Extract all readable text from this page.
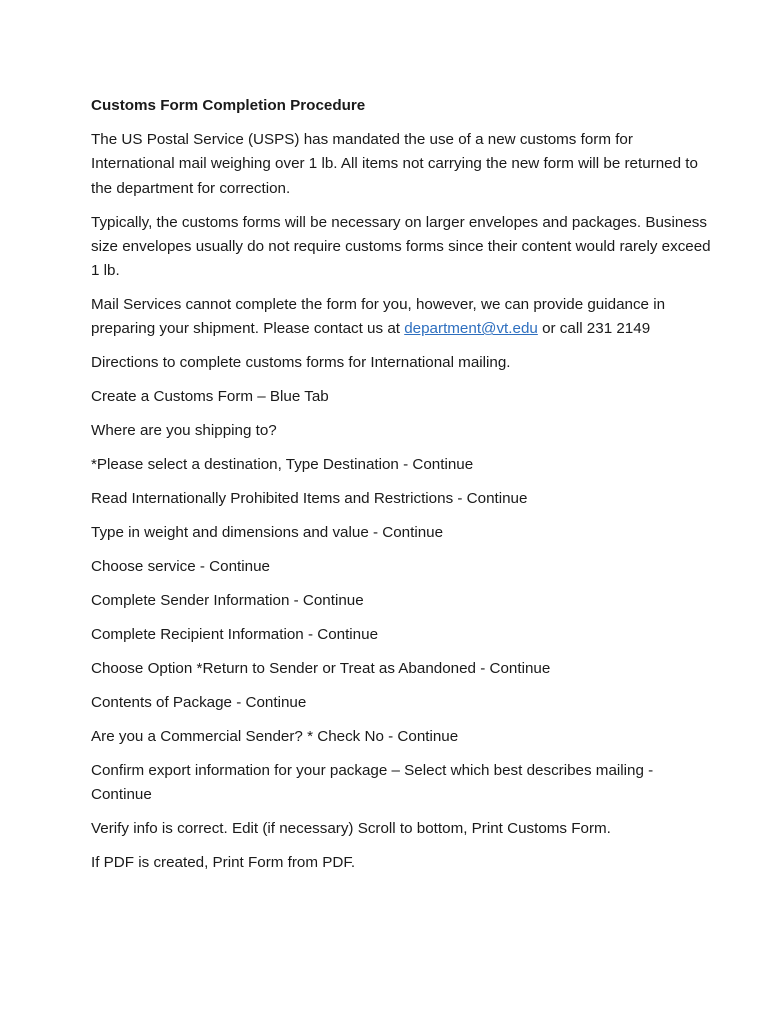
Customs Form Completion Procedure
The US Postal Service (USPS) has mandated the use of a new customs form for International mail weighing over 1 lb. All items not carrying the new form will be returned to the department for correction.
Typically, the customs forms will be necessary on larger envelopes and packages. Business size envelopes usually do not require customs forms since their content would rarely exceed 1 lb.
Mail Services cannot complete the form for you, however, we can provide guidance in preparing your shipment. Please contact us at department@vt.edu or call 231 2149
Directions to complete customs forms for International mailing.
Create a Customs Form – Blue Tab
Where are you shipping to?
*Please select a destination, Type Destination - Continue
Read Internationally Prohibited Items and Restrictions - Continue
Type in weight and dimensions and value - Continue
Choose service - Continue
Complete Sender Information - Continue
Complete Recipient Information - Continue
Choose Option *Return to Sender or Treat as Abandoned - Continue
Contents of Package - Continue
Are you a Commercial Sender? * Check No - Continue
Confirm export information for your package – Select which best describes mailing - Continue
Verify info is correct. Edit (if necessary) Scroll to bottom, Print Customs Form.
If PDF is created, Print Form from PDF.
